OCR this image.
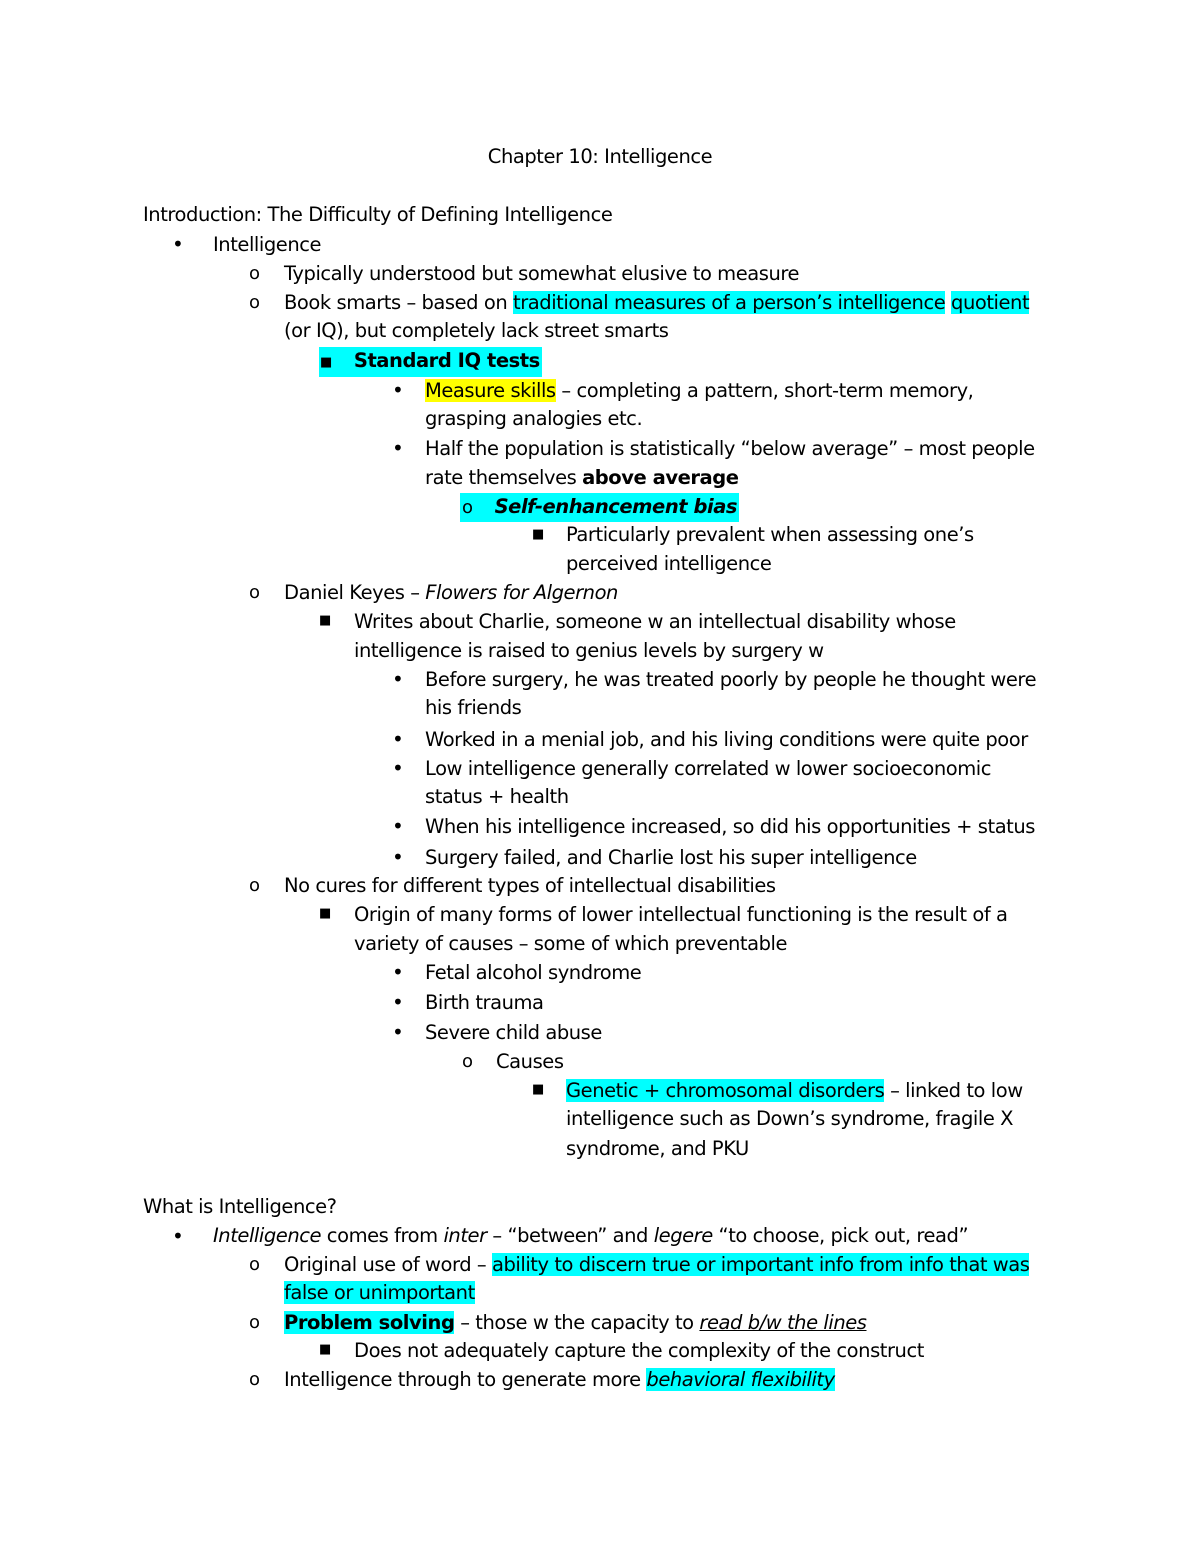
Chapter 10: Intelligence
Introduction: The Difficulty of Defining Intelligence
• Intelligence
o Typically understood but somewhat elusive to measure
o Book smarts – based on traditional measures of a person’s intelligence quotient
(or IQ), but completely lack street smarts
■ Standard IQ tests
• Measure skills – completing a pattern, short-term memory,
grasping analogies etc.
• Half the population is statistically “below average” – most people
rate themselves above average
o Self-enhancement bias
■ Particularly prevalent when assessing one’s
perceived intelligence
o Daniel Keyes – Flowers for Algernon
■ Writes about Charlie, someone w an intellectual disability whose
intelligence is raised to genius levels by surgery w
• Before surgery, he was treated poorly by people he thought were
his friends
• Worked in a menial job, and his living conditions were quite poor
• Low intelligence generally correlated w lower socioeconomic
status + health
• When his intelligence increased, so did his opportunities + status
• Surgery failed, and Charlie lost his super intelligence
o No cures for different types of intellectual disabilities
■ Origin of many forms of lower intellectual functioning is the result of a
variety of causes – some of which preventable
• Fetal alcohol syndrome
• Birth trauma
• Severe child abuse
o Causes
■ Genetic + chromosomal disorders – linked to low
intelligence such as Down’s syndrome, fragile X
syndrome, and PKU
What is Intelligence?
• Intelligence comes from inter – “between” and legere “to choose, pick out, read”
o Original use of word – ability to discern true or important info from info that was
false or unimportant
o Problem solving – those w the capacity to read b/w the lines
■ Does not adequately capture the complexity of the construct
o Intelligence through to generate more behavioral flexibility
